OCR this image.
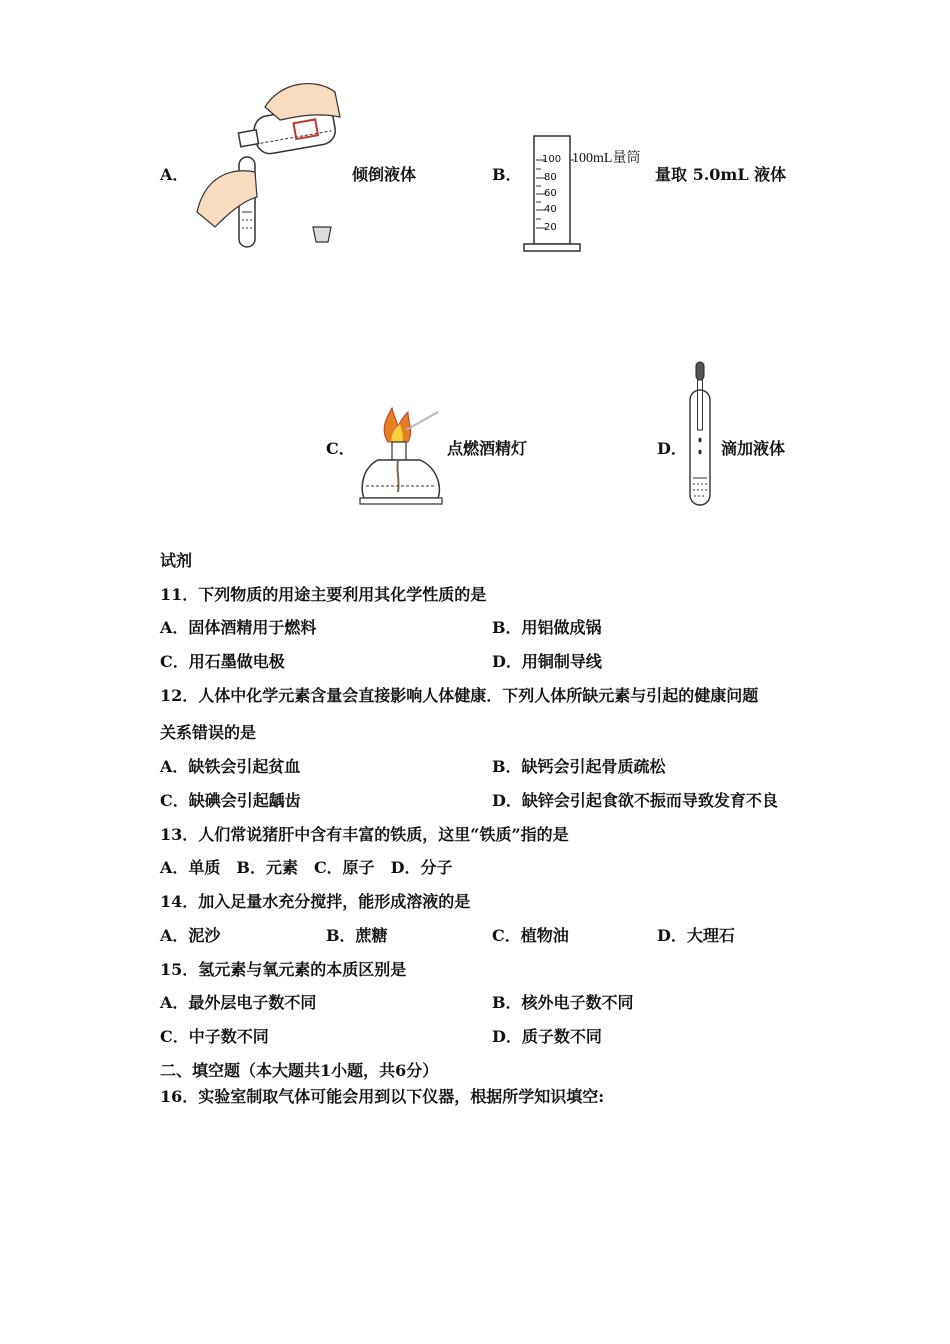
A．	倾倒液体	B．
100
80
60
40
20
100mL量筒
量取 5.0mL 液体
C．	点燃酒精灯	D． 滴加液体
试剂
11．下列物质的用途主要利用其化学性质的是
A．固体酒精用于燃料	B．用铝做成锅
C．用石墨做电极	D．用铜制导线
12．人体中化学元素含量会直接影响人体健康．下列人体所缺元素与引起的健康问题
关系错误的是
A．缺铁会引起贫血	B．缺钙会引起骨质疏松
C．缺碘会引起龋齿	D．缺锌会引起食欲不振而导致发育不良
13．人们常说猪肝中含有丰富的铁质，这里“铁质”指的是
A．单质　B．元素　C．原子　D．分子
14．加入足量水充分搅拌，能形成溶液的是
A．泥沙	B．蔗糖	C．植物油	D．大理石
15．氢元素与氧元素的本质区别是
A．最外层电子数不同	B．核外电子数不同
C．中子数不同	D．质子数不同
二、填空题（本大题共1小题，共6分）
16．实验室制取气体可能会用到以下仪器，根据所学知识填空:
